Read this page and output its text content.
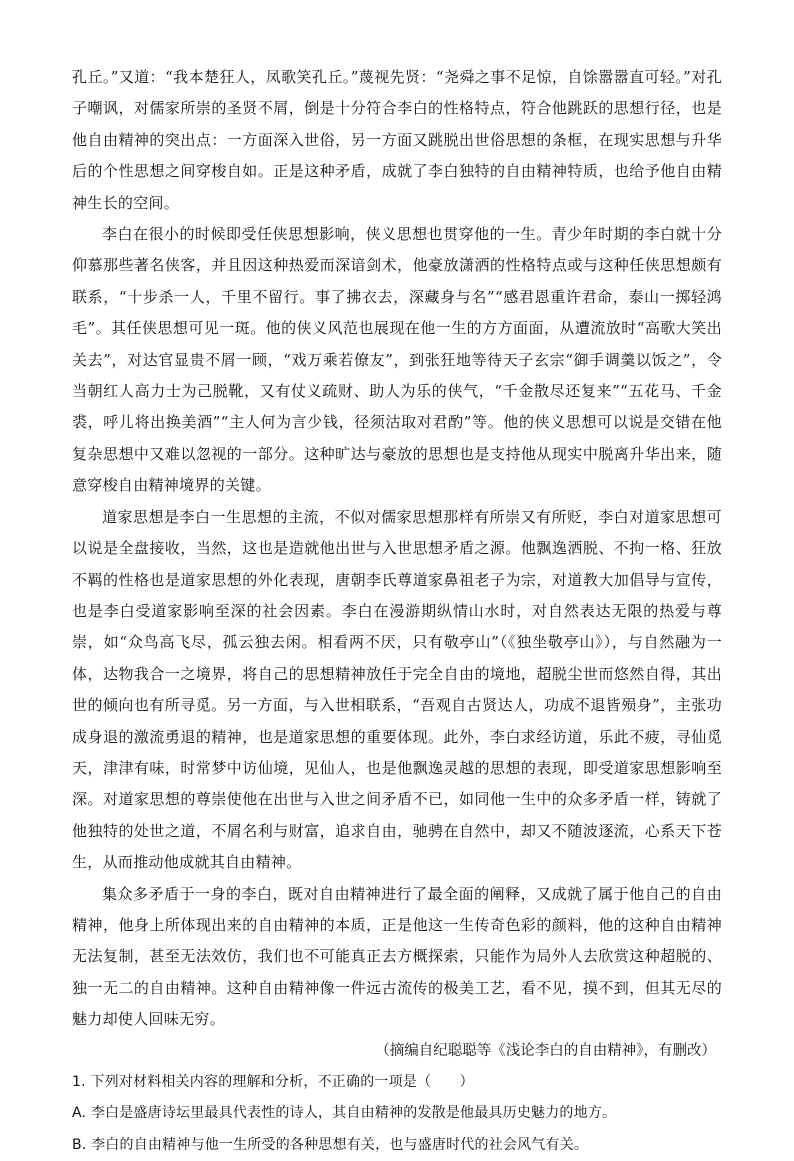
孔丘。”又道：“我本楚狂人，凤歌笑孔丘。”蔑视先贤：“尧舜之事不足惊，自馀嚣嚣直可轻。”对孔子嘲讽，对儒家所崇的圣贤不屑，倒是十分符合李白的性格特点，符合他跳跃的思想行径，也是他自由精神的突出点：一方面深入世俗，另一方面又跳脱出世俗思想的条框，在现实思想与升华后的个性思想之间穿梭自如。正是这种矛盾，成就了李白独特的自由精神特质，也给予他自由精神生长的空间。

李白在很小的时候即受任侠思想影响，侠义思想也贯穿他的一生。青少年时期的李白就十分仰慕那些著名侠客，并且因这种热爱而深谙剑术，他豪放潇洒的性格特点或与这种任侠思想颇有联系，“十步杀一人，千里不留行。事了拂衣去，深藏身与名”“感君恩重许君命，泰山一掷轻鸿毛”。其任侠思想可见一斑。他的侠义风范也展现在他一生的方方面面，从遭流放时“高歌大笑出关去”，对达官显贵不屑一顾，“戏万乘若僚友”，到张狂地等待天子玄宗“御手调羹以饭之”，令当朝红人高力士为己脱靴，又有仗义疏财、助人为乐的侠气，“千金散尽还复来”“五花马、千金裘，呼儿将出换美酒”“主人何为言少钱，径须沽取对君酌”等。他的侠义思想可以说是交错在他复杂思想中又难以忽视的一部分。这种旷达与豪放的思想也是支持他从现实中脱离升华出来，随意穿梭自由精神境界的关键。

道家思想是李白一生思想的主流，不似对儒家思想那样有所崇又有所贬，李白对道家思想可以说是全盘接收，当然，这也是造就他出世与入世思想矛盾之源。他飘逸洒脱、不拘一格、狂放不羁的性格也是道家思想的外化表现，唐朝李氏尊道家鼻祖老子为宗，对道教大加倡导与宣传，也是李白受道家影响至深的社会因素。李白在漫游期纵情山水时，对自然表达无限的热爱与尊崇，如“众鸟高飞尽，孤云独去闲。相看两不厌，只有敬亭山”（《独坐敬亭山》），与自然融为一体，达物我合一之境界，将自己的思想精神放任于完全自由的境地，超脱尘世而悠然自得，其出世的倾向也有所寻觅。另一方面，与入世相联系，“吾观自古贤达人，功成不退皆殒身”，主张功成身退的激流勇退的精神，也是道家思想的重要体现。此外，李白求经访道，乐此不疲，寻仙觅天，津津有味，时常梦中访仙境，见仙人，也是他飘逸灵越的思想的表现，即受道家思想影响至深。对道家思想的尊崇使他在出世与入世之间矛盾不已，如同他一生中的众多矛盾一样，铸就了他独特的处世之道，不屑名利与财富，追求自由，驰骋在自然中，却又不随波逐流，心系天下苍生，从而推动他成就其自由精神。

集众多矛盾于一身的李白，既对自由精神进行了最全面的阐释，又成就了属于他自己的自由精神，他身上所体现出来的自由精神的本质，正是他这一生传奇色彩的颜料，他的这种自由精神无法复制，甚至无法效仿，我们也不可能真正去方概探索，只能作为局外人去欣赏这种超脱的、独一无二的自由精神。这种自由精神像一件远古流传的极美工艺，看不见，摸不到，但其无尽的魅力却使人回味无穷。

（摘编自纪聪聪等《浅论李白的自由精神》，有删改）

1. 下列对材料相关内容的理解和分析，不正确的一项是（　　）

A. 李白是盛唐诗坛里最具代表性的诗人，其自由精神的发散是他最具历史魅力的地方。

B. 李白的自由精神与他一生所受的各种思想有关，也与盛唐时代的社会风气有关。
